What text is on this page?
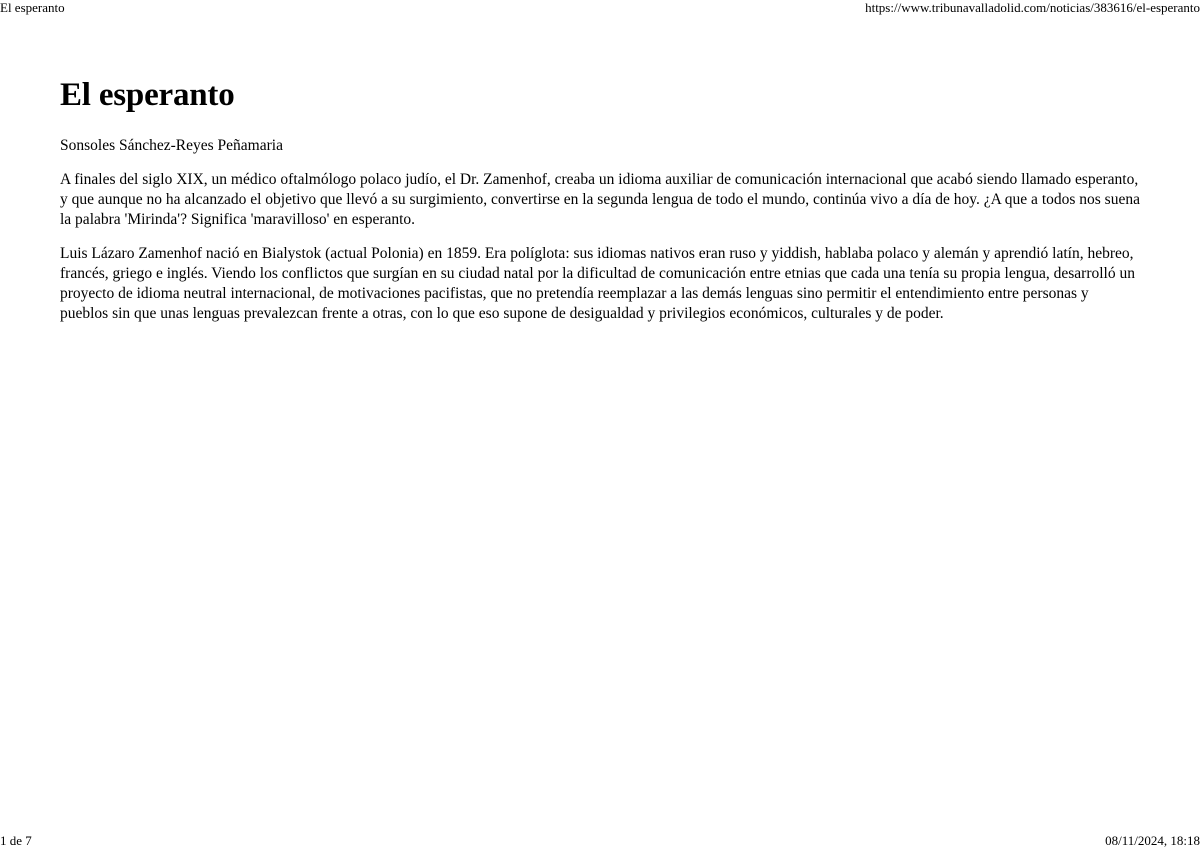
El esperanto	https://www.tribunavalladolid.com/noticias/383616/el-esperanto
El esperanto

Sonsoles Sánchez-Reyes Peñamaria

A finales del siglo XIX, un médico oftalmólogo polaco judío, el Dr. Zamenhof, creaba un idioma auxiliar de comunicación internacional que acabó siendo llamado esperanto, y que aunque no ha alcanzado el objetivo que llevó a su surgimiento, convertirse en la segunda lengua de todo el mundo, continúa vivo a día de hoy. ¿A que a todos nos suena la palabra 'Mirinda'? Significa 'maravilloso' en esperanto.

Luis Lázaro Zamenhof nació en Bialystok (actual Polonia) en 1859. Era políglota: sus idiomas nativos eran ruso y yiddish, hablaba polaco y alemán y aprendió latín, hebreo, francés, griego e inglés. Viendo los conflictos que surgían en su ciudad natal por la dificultad de comunicación entre etnias que cada una tenía su propia lengua, desarrolló un proyecto de idioma neutral internacional, de motivaciones pacifistas, que no pretendía reemplazar a las demás lenguas sino permitir el entendimiento entre personas y pueblos sin que unas lenguas prevalezcan frente a otras, con lo que eso supone de desigualdad y privilegios económicos, culturales y de poder.

1 de 7	08/11/2024, 18:18
